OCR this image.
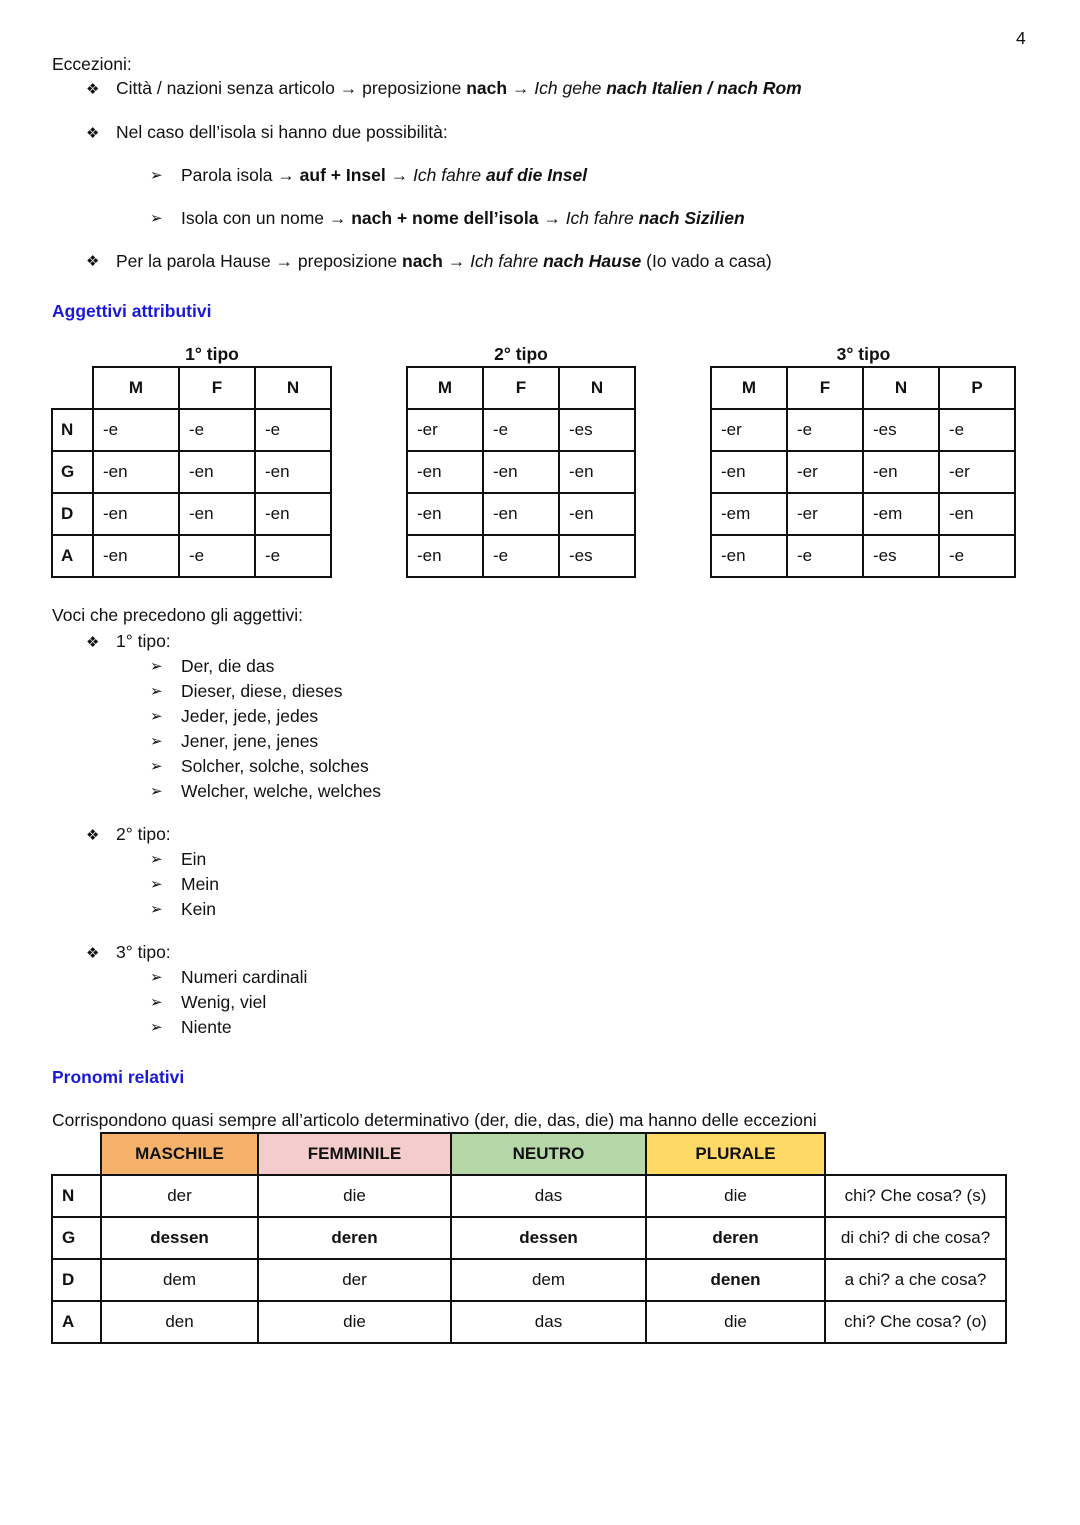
4
Eccezioni:
❖ Città / nazioni senza articolo → preposizione nach → Ich gehe nach Italien / nach Rom
❖ Nel caso dell’isola si hanno due possibilità:
➢ Parola isola → auf + Insel → Ich fahre auf die Insel
➢ Isola con un nome → nach + nome dell’isola → Ich fahre nach Sizilien
❖ Per la parola Hause → preposizione nach → Ich fahre nach Hause (Io vado a casa)
Aggettivi attributivi
1° tipo	2° tipo	3° tipo
	M	F	N
N	-e	-e	-e
G	-en	-en	-en
D	-en	-en	-en
A	-en	-e	-e
M	F	N
-er	-e	-es
-en	-en	-en
-en	-en	-en
-en	-e	-es
M	F	N	P
-er	-e	-es	-e
-en	-er	-en	-er
-em	-er	-em	-en
-en	-e	-es	-e
Voci che precedono gli aggettivi:
❖ 1° tipo:
➢ Der, die das
➢ Dieser, diese, dieses
➢ Jeder, jede, jedes
➢ Jener, jene, jenes
➢ Solcher, solche, solches
➢ Welcher, welche, welches
❖ 2° tipo:
➢ Ein
➢ Mein
➢ Kein
❖ 3° tipo:
➢ Numeri cardinali
➢ Wenig, viel
➢ Niente
Pronomi relativi
Corrispondono quasi sempre all’articolo determinativo (der, die, das, die) ma hanno delle eccezioni
	MASCHILE	FEMMINILE	NEUTRO	PLURALE	
N	der	die	das	die	chi? Che cosa? (s)
G	dessen	deren	dessen	deren	di chi? di che cosa?
D	dem	der	dem	denen	a chi? a che cosa?
A	den	die	das	die	chi? Che cosa? (o)
